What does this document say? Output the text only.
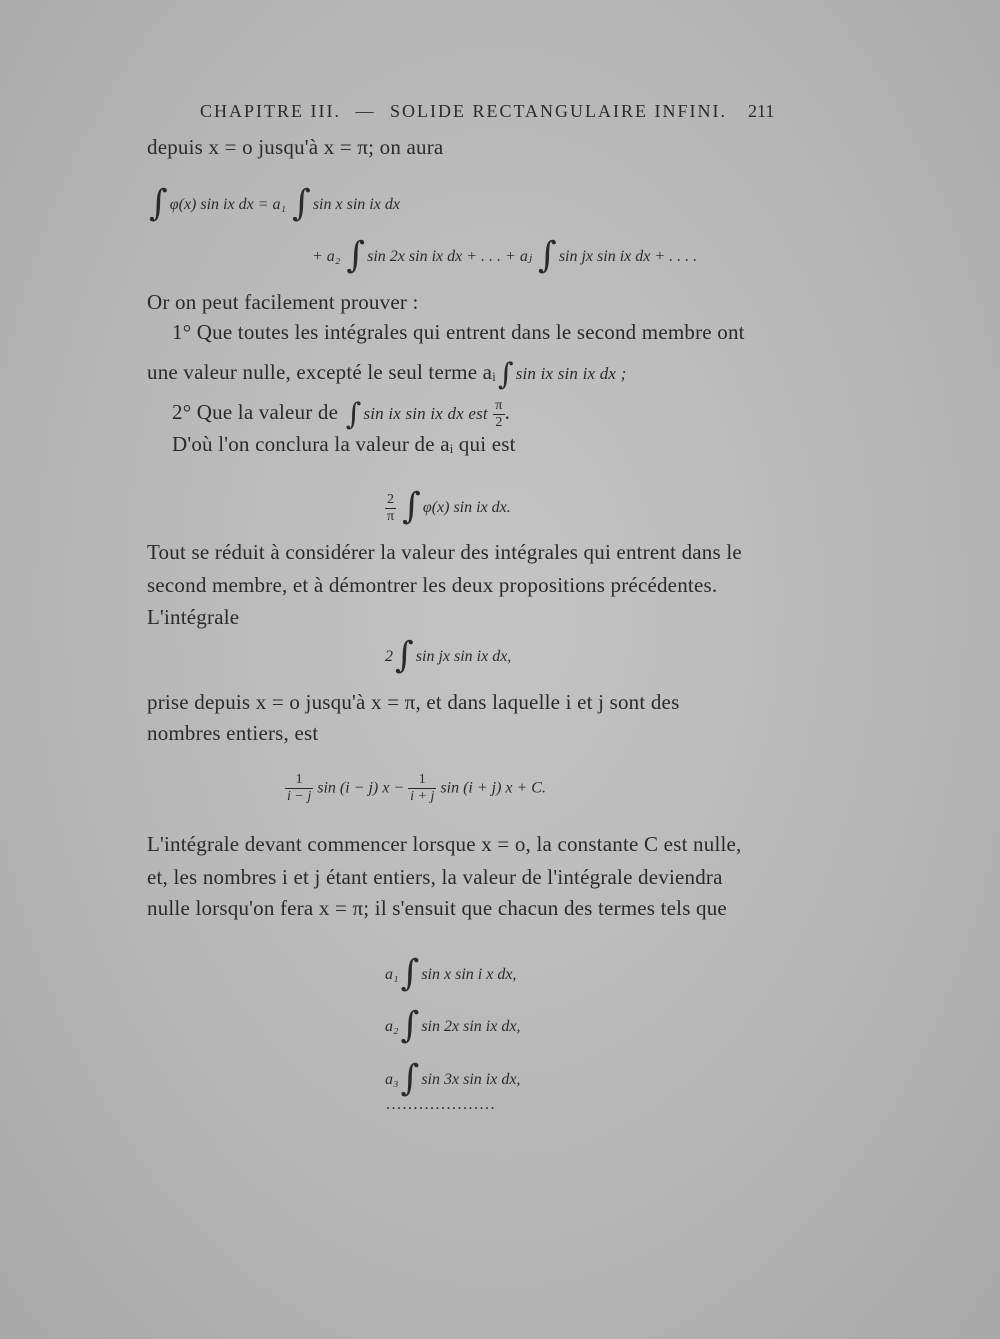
CHAPITRE III. — SOLIDE RECTANGULAIRE INFINI. 211
depuis x = o jusqu'à x = π; on aura
∫ φ(x) sin ix dx = a₁ ∫ sin x sin ix dx
+ a₂ ∫ sin 2x sin ix dx + . . . + aⱼ ∫ sin jx sin ix dx + . . . .
Or on peut facilement prouver :
1° Que toutes les intégrales qui entrent dans le second membre ont
une valeur nulle, excepté le seul terme aᵢ∫ sin ix sin ix dx ;
2° Que la valeur de ∫ sin ix sin ix dx est $\frac{\pi}{2}$ .
D'où l'on conclura la valeur de aᵢ qui est
$\frac{2}{\pi}$ ∫ φ(x) sin ix dx.
Tout se réduit à considérer la valeur des intégrales qui entrent dans le
second membre, et à démontrer les deux propositions précédentes.
L'intégrale
2∫ sin jx sin ix dx,
prise depuis x = o jusqu'à x = π, et dans laquelle i et j sont des
nombres entiers, est
$\frac{1}{i - j}$ sin (i − j) $x - \frac{1}{i + j}$ sin (i + j) x + C.
L'intégrale devant commencer lorsque x = o, la constante C est nulle,
et, les nombres i et j étant entiers, la valeur de l'intégrale deviendra
nulle lorsqu'on fera x = π; il s'ensuit que chacun des termes tels que
a₁∫ sin x sin i x dx,
a₂∫ sin 2x sin ix dx,
a₃∫ sin 3x sin ix dx,
....................
